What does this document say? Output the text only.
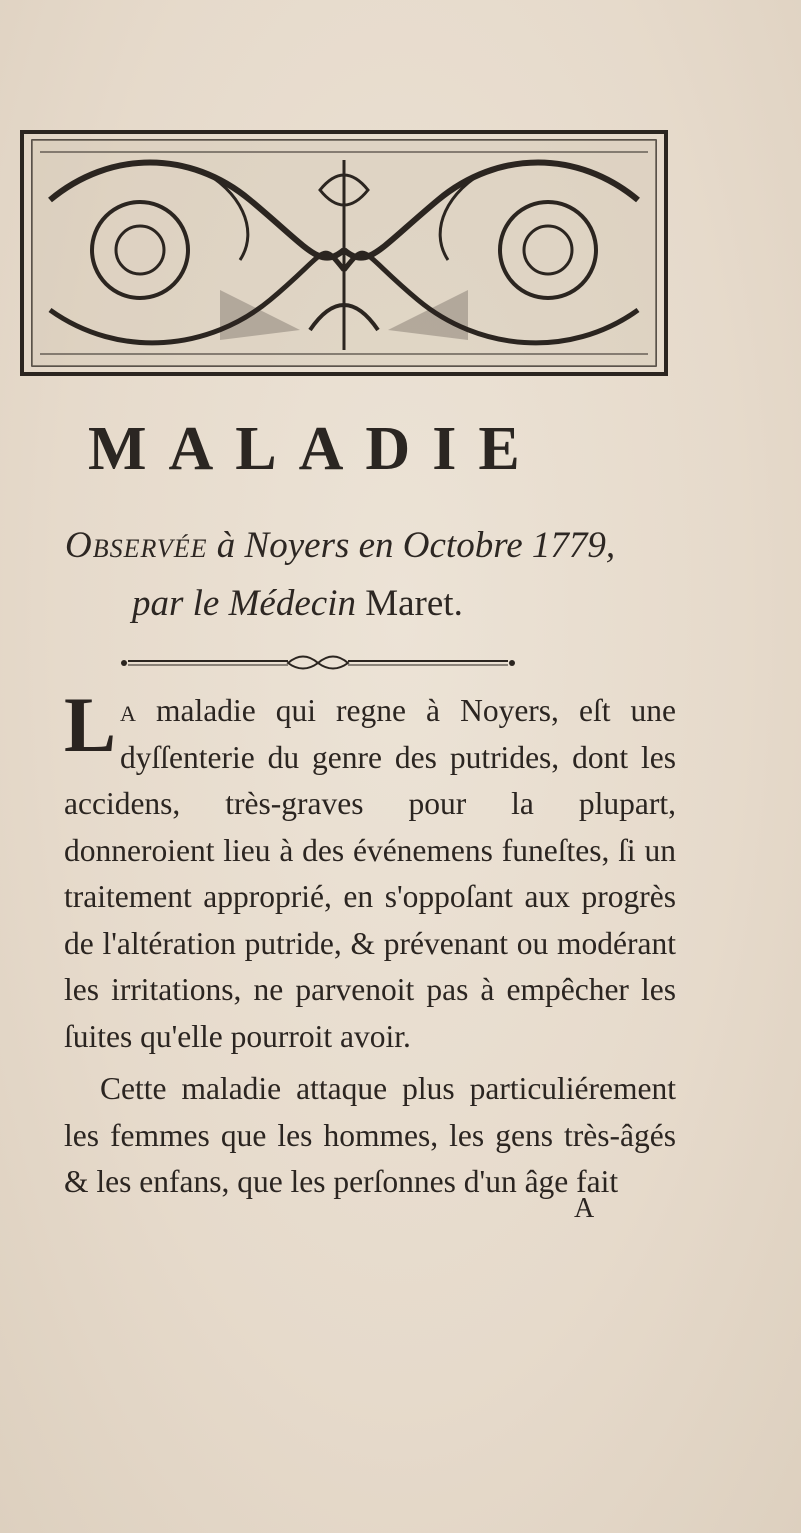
MALADIE
Observée à Noyers en Octobre 1779,
par le Médecin Maret.

La maladie qui regne à Noyers, eſt une dyſſenterie du genre des putrides, dont les accidens, très-graves pour la plupart, donneroient lieu à des événemens funeſtes, ſi un traitement approprié, en s'oppoſant aux progrès de l'altération putride, & prévenant ou modérant les irritations, ne parvenoit pas à empêcher les ſuites qu'elle pourroit avoir.

Cette maladie attaque plus particuliérement les femmes que les hommes, les gens très-âgés & les enfans, que les perſonnes d'un âge fait

A
